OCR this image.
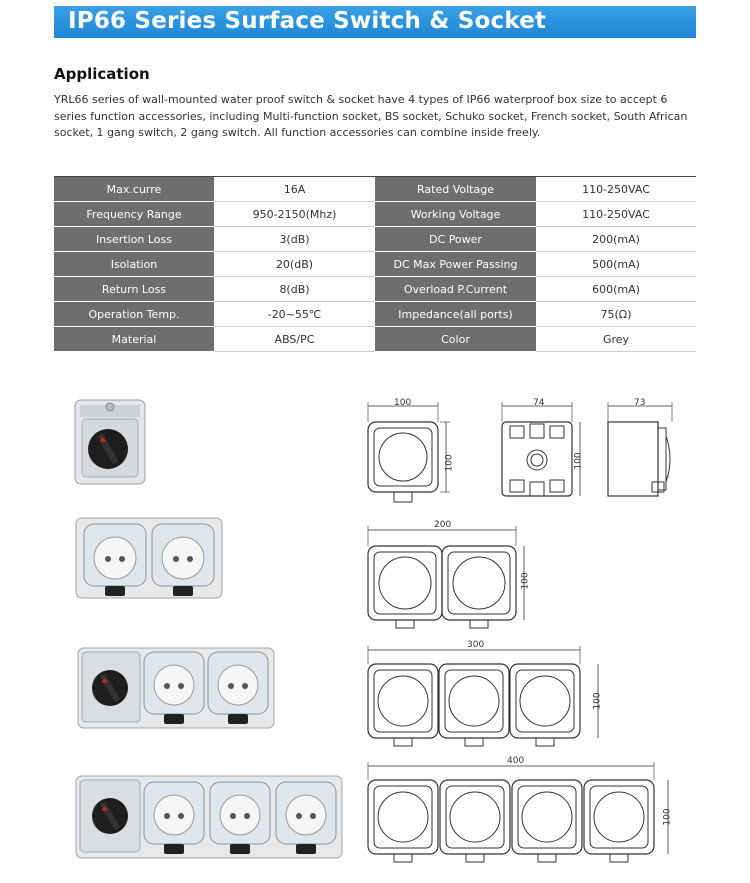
IP66 Series Surface Switch & Socket
Application
YRL66 series of wall-mounted water proof switch & socket have 4 types of IP66 waterproof box size to accept 6 series function accessories, including Multi-function socket, BS socket, Schuko socket, French socket, South African socket, 1 gang switch, 2 gang switch. All function accessories can combine inside freely.
Max.curre	16A	Rated Voltage	110-250VAC
Frequency Range	950-2150(Mhz)	Working Voltage	110-250VAC
Insertion Loss	3(dB)	DC Power	200(mA)
Isolation	20(dB)	DC Max Power Passing	500(mA)
Return Loss	8(dB)	Overload P.Current	600(mA)
Operation Temp.	-20~55℃	Impedance(all ports)	75(Ω)
Material	ABS/PC	Color	Grey
100
100
74
100
73
200
100
300
100
400
100
